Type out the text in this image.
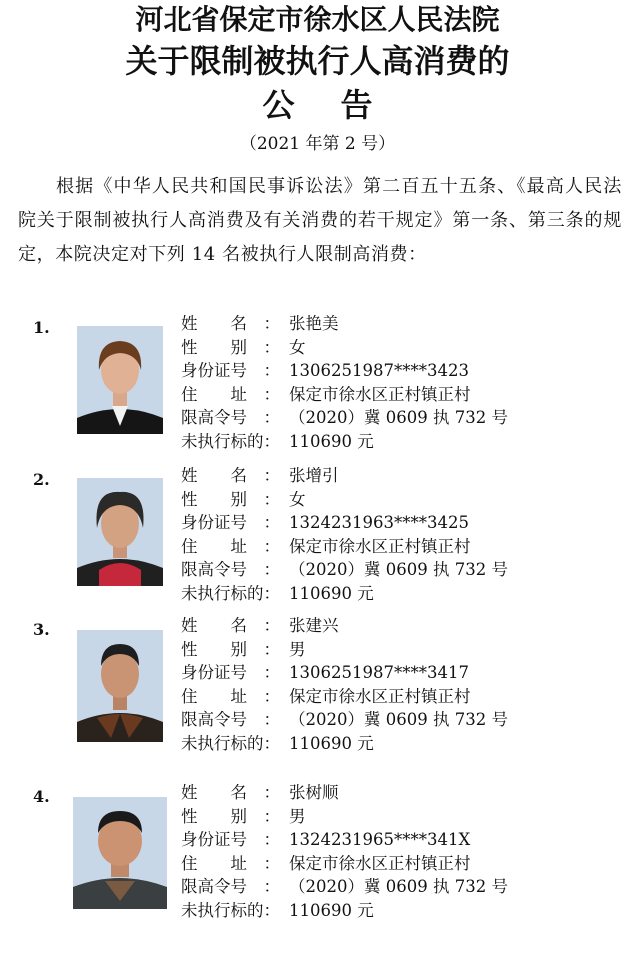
河北省保定市徐水区人民法院
关于限制被执行人高消费的
公告
（2021 年第 2 号）
根据《中华人民共和国民事诉讼法》第二百五十五条、《最高人民法院关于限制被执行人高消费及有关消费的若干规定》第一条、第三条的规定，本院决定对下列 14 名被执行人限制高消费：
1.	姓　　名　： 张艳美
性　　别　： 女
身份证号　： 1306251987****3423
住　　址　： 保定市徐水区正村镇正村
限高令号　： （2020）冀 0609 执 732 号
未执行标的： 110690 元
2.	姓　　名　： 张增引
性　　别　： 女
身份证号　： 1324231963****3425
住　　址　： 保定市徐水区正村镇正村
限高令号　： （2020）冀 0609 执 732 号
未执行标的： 110690 元
3.	姓　　名　： 张建兴
性　　别　： 男
身份证号　： 1306251987****3417
住　　址　： 保定市徐水区正村镇正村
限高令号　： （2020）冀 0609 执 732 号
未执行标的： 110690 元
4.	姓　　名　： 张树顺
性　　别　： 男
身份证号　： 1324231965****341X
住　　址　： 保定市徐水区正村镇正村
限高令号　： （2020）冀 0609 执 732 号
未执行标的： 110690 元
